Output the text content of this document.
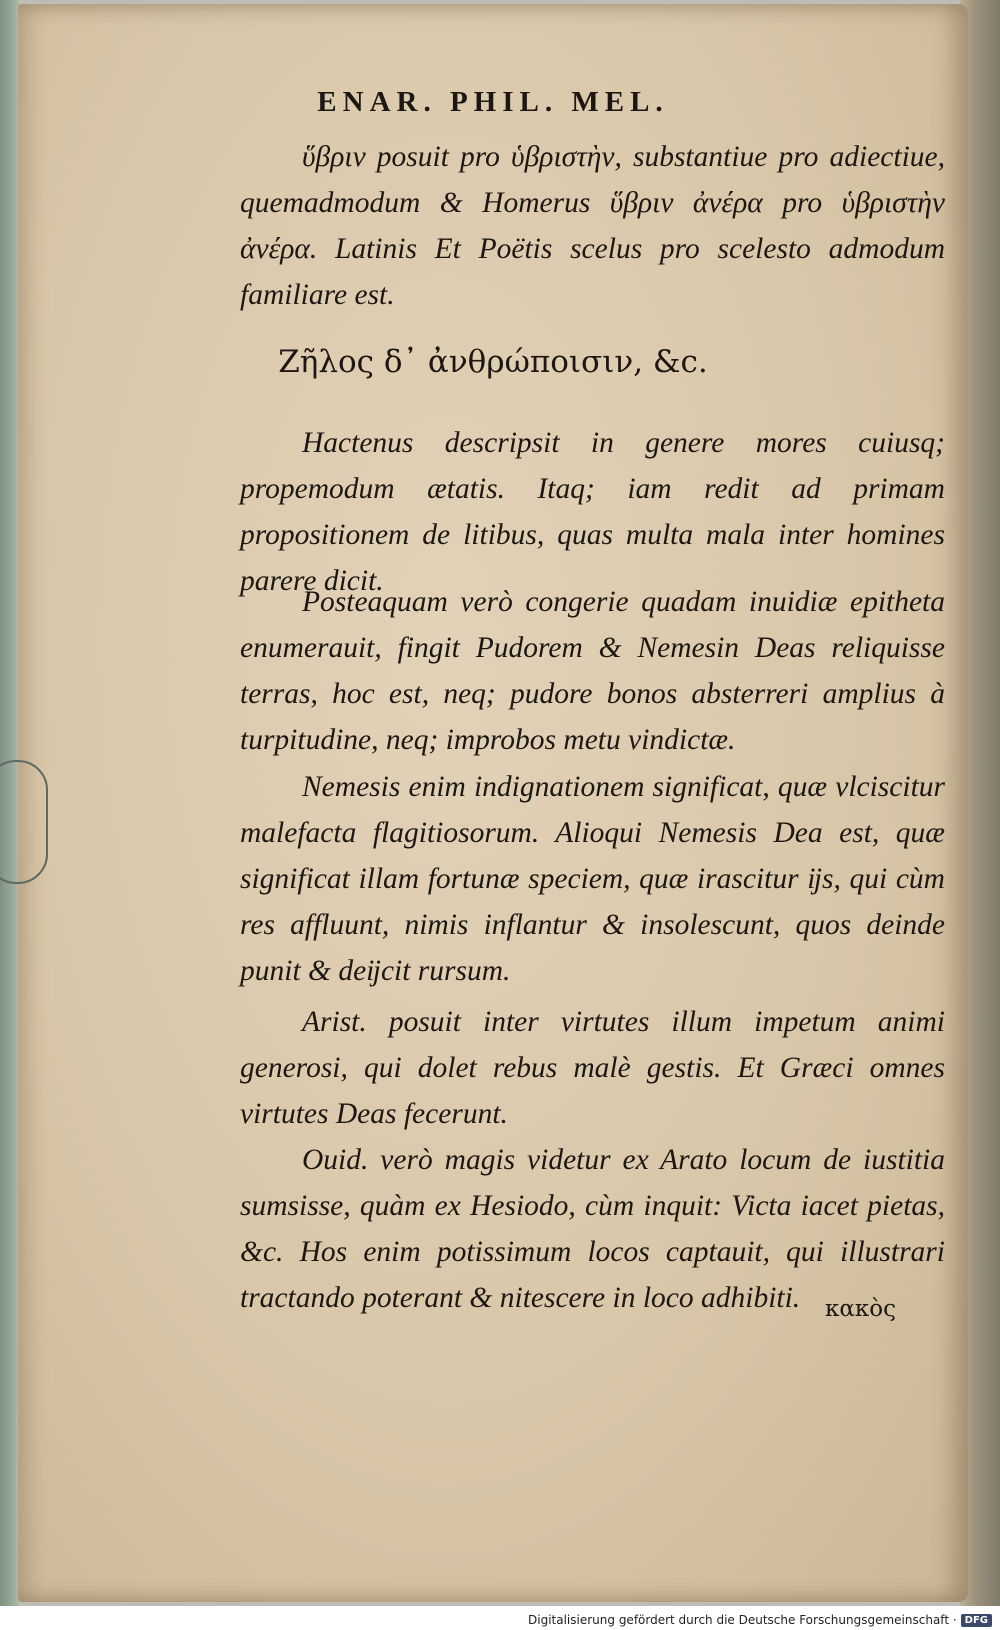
ENAR. PHIL. MEL.
ὕβριν posuit pro ὑβριστὴν, substantiue pro adiectiue, quemadmodum & Homerus ὕβριν ἀνέρα pro ὑβριστὴν ἀνέρα. Latinis Et Poëtis scelus pro scelesto admodum familiare est.
Ζῆλος δ᾽ ἀνθρώποισιν, &c.
Hactenus descripsit in genere mores cuiusq; propemodum ætatis. Itaq; iam redit ad primam propositionem de litibus, quas multa mala inter homines parere dicit.
Posteaquam verò congerie quadam inuidiæ epitheta enumerauit, fingit Pudorem & Nemesin Deas reliquisse terras, hoc est, neq; pudore bonos absterreri amplius à turpitudine, neq; improbos metu vindictæ.
Nemesis enim indignationem significat, quæ vlciscitur malefacta flagitiosorum. Alioqui Nemesis Dea est, quæ significat illam fortunæ speciem, quæ irascitur ĳs, qui cùm res affluunt, nimis inflantur & insolescunt, quos deinde punit & deĳcit rursum.
Arist. posuit inter virtutes illum impetum animi generosi, qui dolet rebus malè gestis. Et Græci omnes virtutes Deas fecerunt.
Ouid. verò magis videtur ex Arato locum de iustitia sumsisse, quàm ex Hesiodo, cùm inquit: Victa iacet pietas, &c. Hos enim potissimum locos captauit, qui illustrari tractando poterant & nitescere in loco adhibiti.	κακὸς
Digitalisierung gefördert durch die Deutsche Forschungsgemeinschaft · DFG
